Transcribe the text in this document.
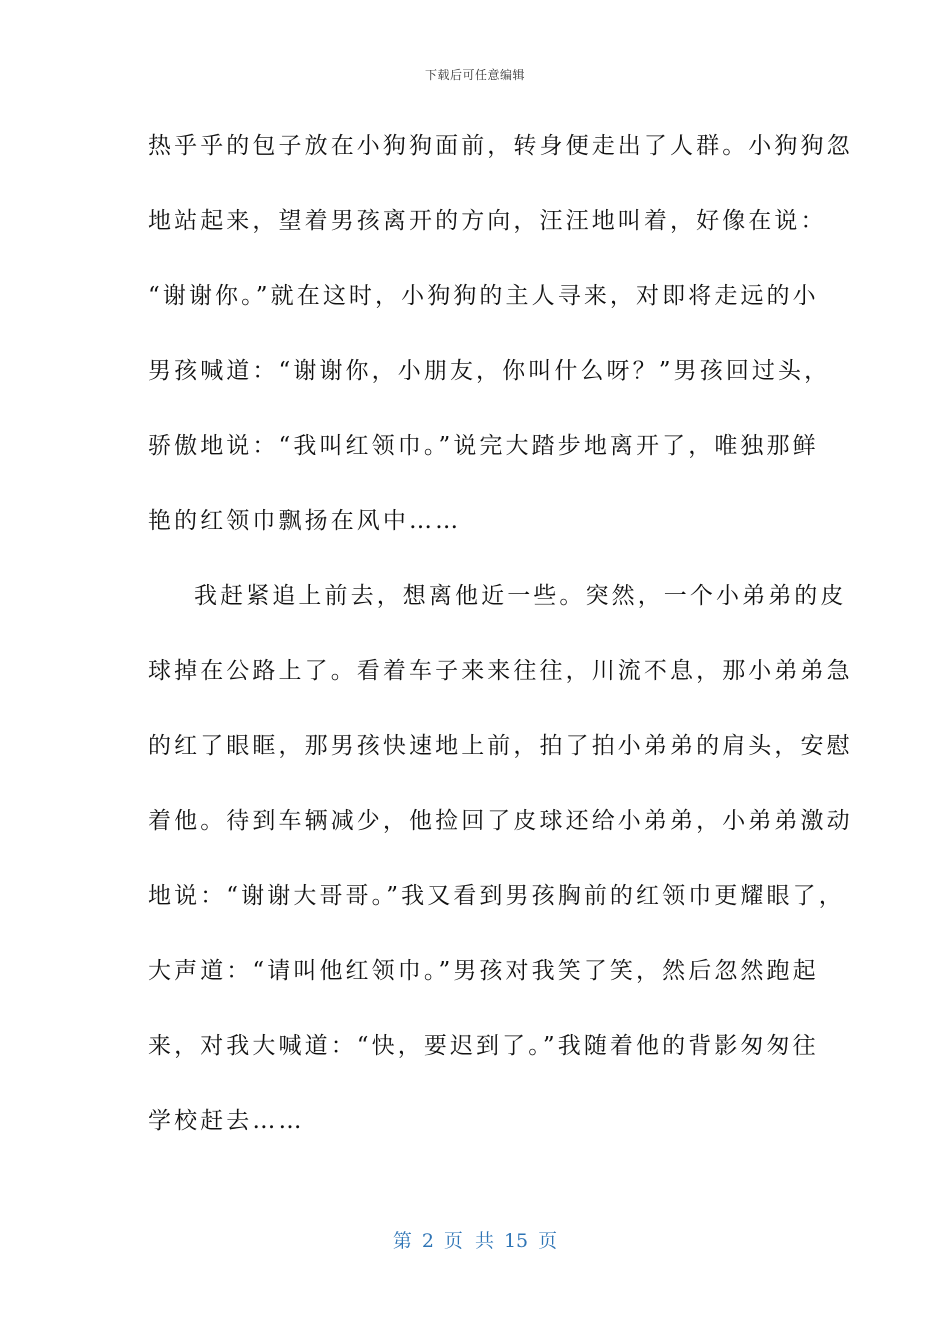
下载后可任意编辑
热乎乎的包子放在小狗狗面前，转身便走出了人群。小狗狗忽
地站起来，望着男孩离开的方向，汪汪地叫着，好像在说：
“谢谢你。”就在这时，小狗狗的主人寻来，对即将走远的小
男孩喊道：“谢谢你，小朋友，你叫什么呀？”男孩回过头，
骄傲地说：“我叫红领巾。”说完大踏步地离开了，唯独那鲜
艳的红领巾飘扬在风中……
我赶紧追上前去，想离他近一些。突然，一个小弟弟的皮
球掉在公路上了。看着车子来来往往，川流不息，那小弟弟急
的红了眼眶，那男孩快速地上前，拍了拍小弟弟的肩头，安慰
着他。待到车辆减少，他捡回了皮球还给小弟弟，小弟弟激动
地说：“谢谢大哥哥。”我又看到男孩胸前的红领巾更耀眼了，
大声道：“请叫他红领巾。”男孩对我笑了笑，然后忽然跑起
来，对我大喊道：“快，要迟到了。”我随着他的背影匆匆往
学校赶去……
第 2 页 共 15 页
